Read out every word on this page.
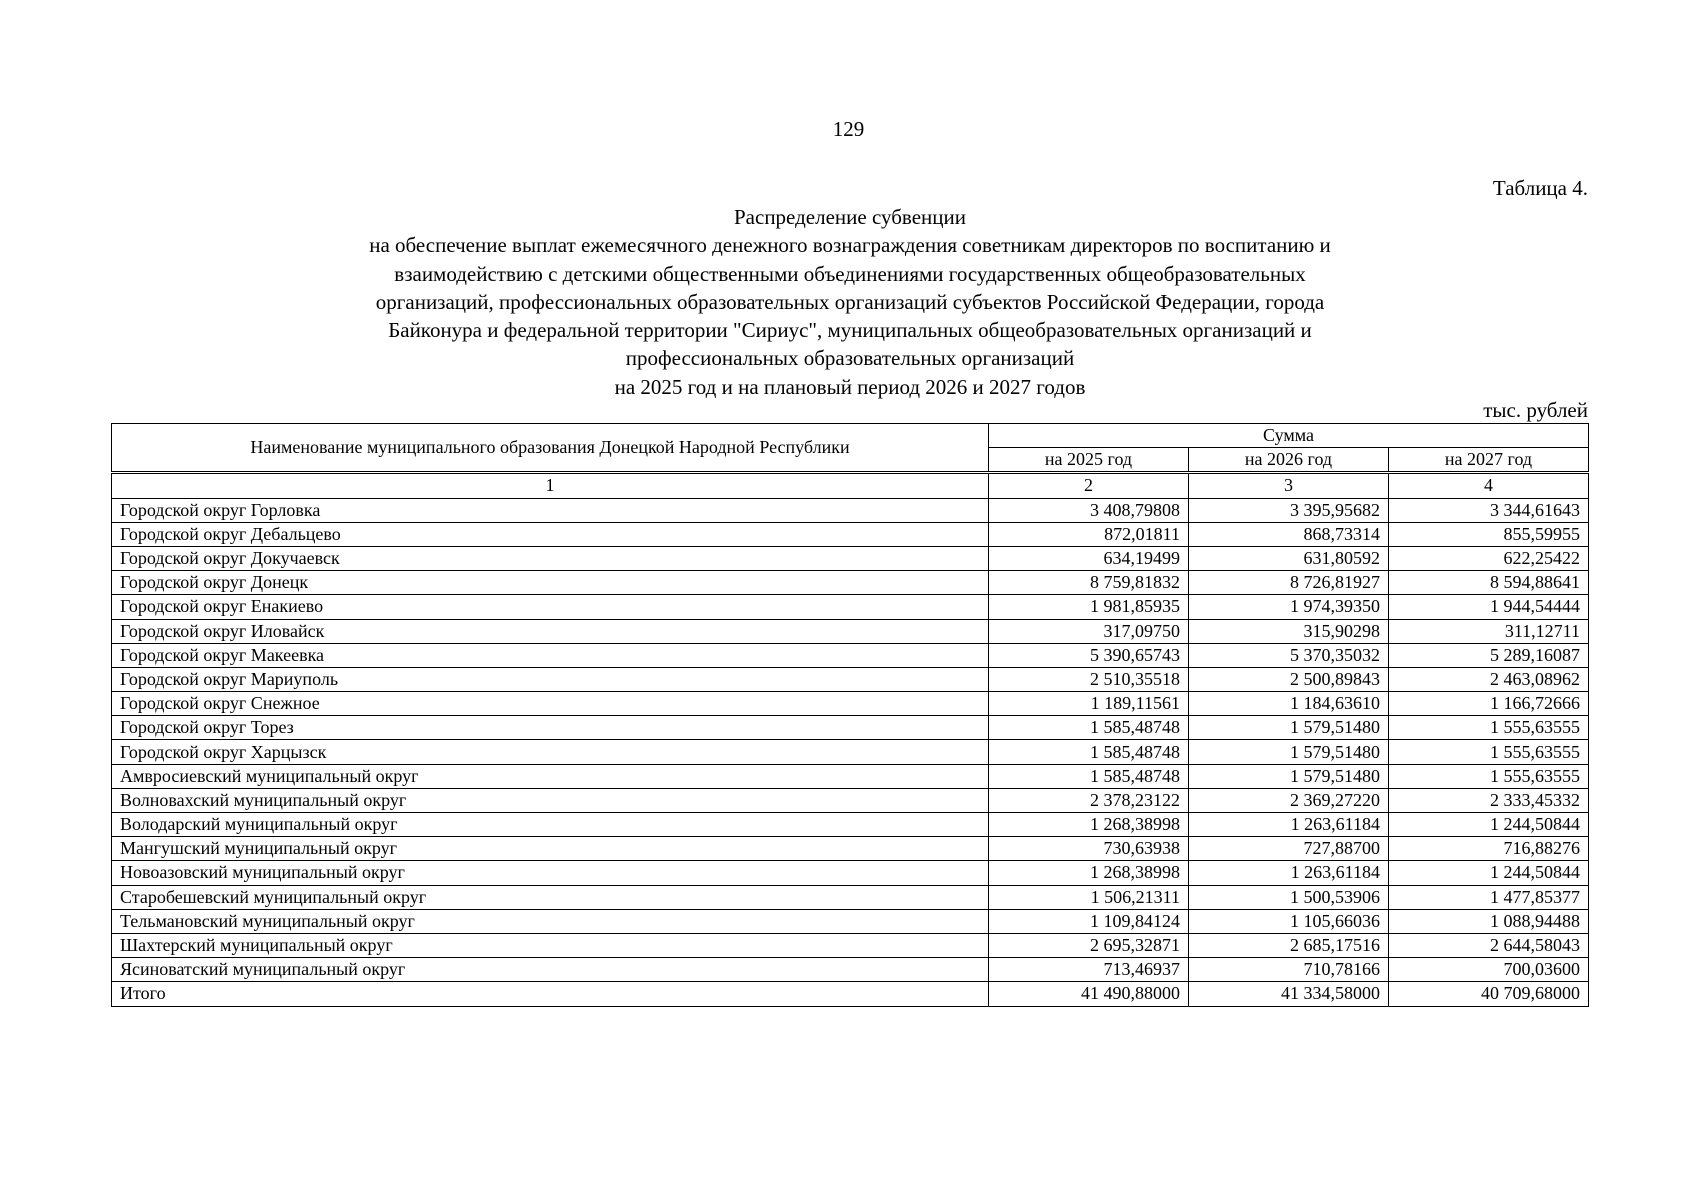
129
Таблица 4.
Распределение субвенции
на обеспечение выплат ежемесячного денежного вознаграждения советникам директоров по воспитанию и
взаимодействию с детскими общественными объединениями государственных общеобразовательных
организаций, профессиональных образовательных организаций субъектов Российской Федерации, города
Байконура и федеральной территории "Сириус", муниципальных общеобразовательных организаций и
профессиональных образовательных организаций
на 2025 год и на плановый период 2026 и 2027 годов
тыс. рублей
Наименование муниципального образования Донецкой Народной Республики	Сумма		
	на 2025 год	на 2026 год	на 2027 год
1	2	3	4
Городской округ Горловка	3 408,79808	3 395,95682	3 344,61643
Городской округ Дебальцево	872,01811	868,73314	855,59955
Городской округ Докучаевск	634,19499	631,80592	622,25422
Городской округ Донецк	8 759,81832	8 726,81927	8 594,88641
Городской округ Енакиево	1 981,85935	1 974,39350	1 944,54444
Городской округ Иловайск	317,09750	315,90298	311,12711
Городской округ Макеевка	5 390,65743	5 370,35032	5 289,16087
Городской округ Мариуполь	2 510,35518	2 500,89843	2 463,08962
Городской округ Снежное	1 189,11561	1 184,63610	1 166,72666
Городской округ Торез	1 585,48748	1 579,51480	1 555,63555
Городской округ Харцызск	1 585,48748	1 579,51480	1 555,63555
Амвросиевский муниципальный округ	1 585,48748	1 579,51480	1 555,63555
Волновахский муниципальный округ	2 378,23122	2 369,27220	2 333,45332
Володарский муниципальный округ	1 268,38998	1 263,61184	1 244,50844
Мангушский муниципальный округ	730,63938	727,88700	716,88276
Новоазовский муниципальный округ	1 268,38998	1 263,61184	1 244,50844
Старобешевский муниципальный округ	1 506,21311	1 500,53906	1 477,85377
Тельмановский муниципальный округ	1 109,84124	1 105,66036	1 088,94488
Шахтерский муниципальный округ	2 695,32871	2 685,17516	2 644,58043
Ясиноватский муниципальный округ	713,46937	710,78166	700,03600
Итого	41 490,88000	41 334,58000	40 709,68000
